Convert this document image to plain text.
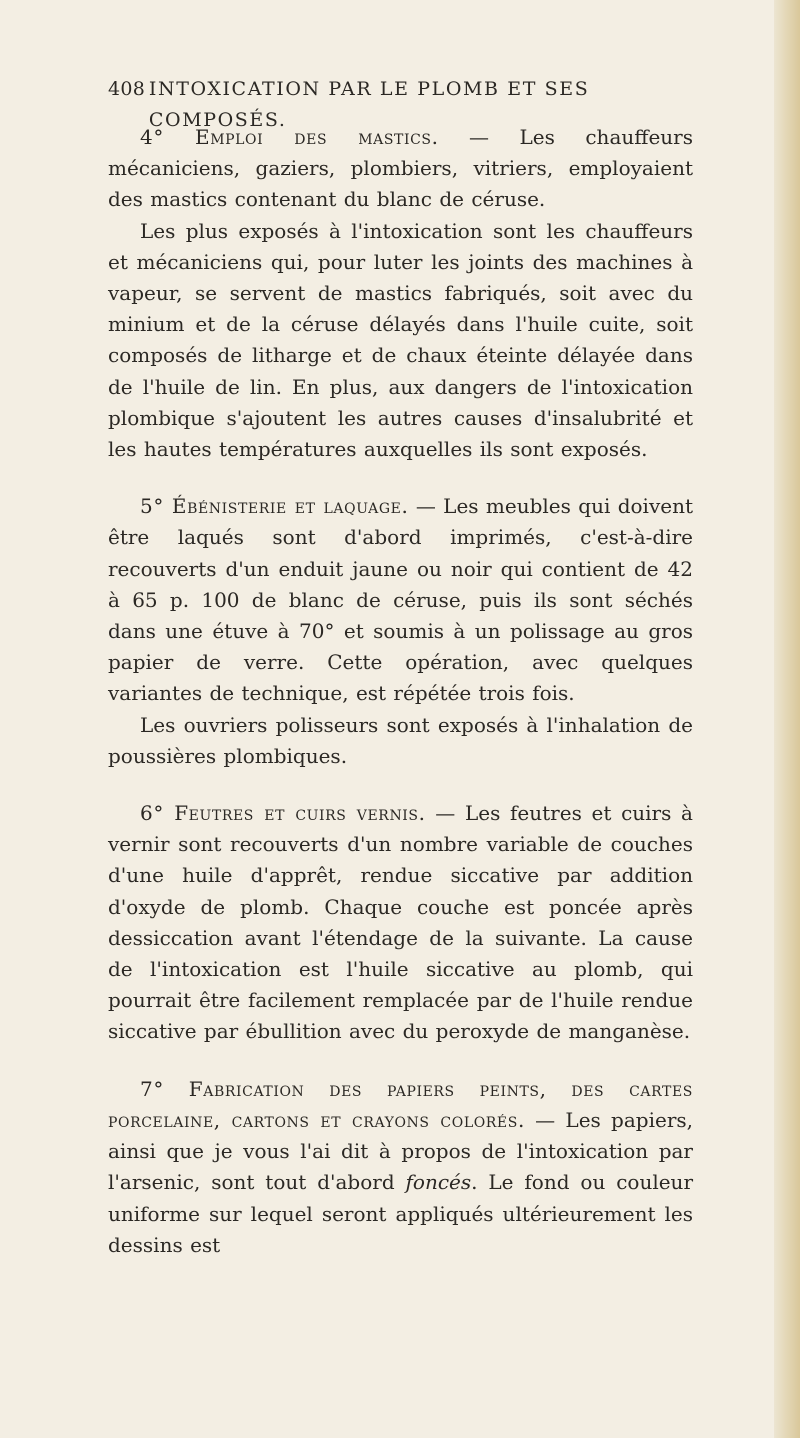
408 INTOXICATION PAR LE PLOMB ET SES COMPOSÉS.

4° Emploi des mastics. — Les chauffeurs mécaniciens, gaziers, plombiers, vitriers, employaient des mastics contenant du blanc de céruse.

Les plus exposés à l'intoxication sont les chauffeurs et mécaniciens qui, pour luter les joints des machines à vapeur, se servent de mastics fabriqués, soit avec du minium et de la céruse délayés dans l'huile cuite, soit composés de litharge et de chaux éteinte délayée dans de l'huile de lin. En plus, aux dangers de l'intoxication plombique s'ajoutent les autres causes d'insalubrité et les hautes températures auxquelles ils sont exposés.

5° Ébénisterie et laquage. — Les meubles qui doivent être laqués sont d'abord imprimés, c'est-à-dire recouverts d'un enduit jaune ou noir qui contient de 42 à 65 p. 100 de blanc de céruse, puis ils sont séchés dans une étuve à 70° et soumis à un polissage au gros papier de verre. Cette opération, avec quelques variantes de technique, est répétée trois fois.

Les ouvriers polisseurs sont exposés à l'inhalation de poussières plombiques.

6° Feutres et cuirs vernis. — Les feutres et cuirs à vernir sont recouverts d'un nombre variable de couches d'une huile d'apprêt, rendue siccative par addition d'oxyde de plomb. Chaque couche est poncée après dessiccation avant l'étendage de la suivante. La cause de l'intoxication est l'huile siccative au plomb, qui pourrait être facilement remplacée par de l'huile rendue siccative par ébullition avec du peroxyde de manganèse.

7° Fabrication des papiers peints, des cartes porcelaine, cartons et crayons colorés. — Les papiers, ainsi que je vous l'ai dit à propos de l'intoxication par l'arsenic, sont tout d'abord foncés. Le fond ou couleur uniforme sur lequel seront appliqués ultérieurement les dessins est
